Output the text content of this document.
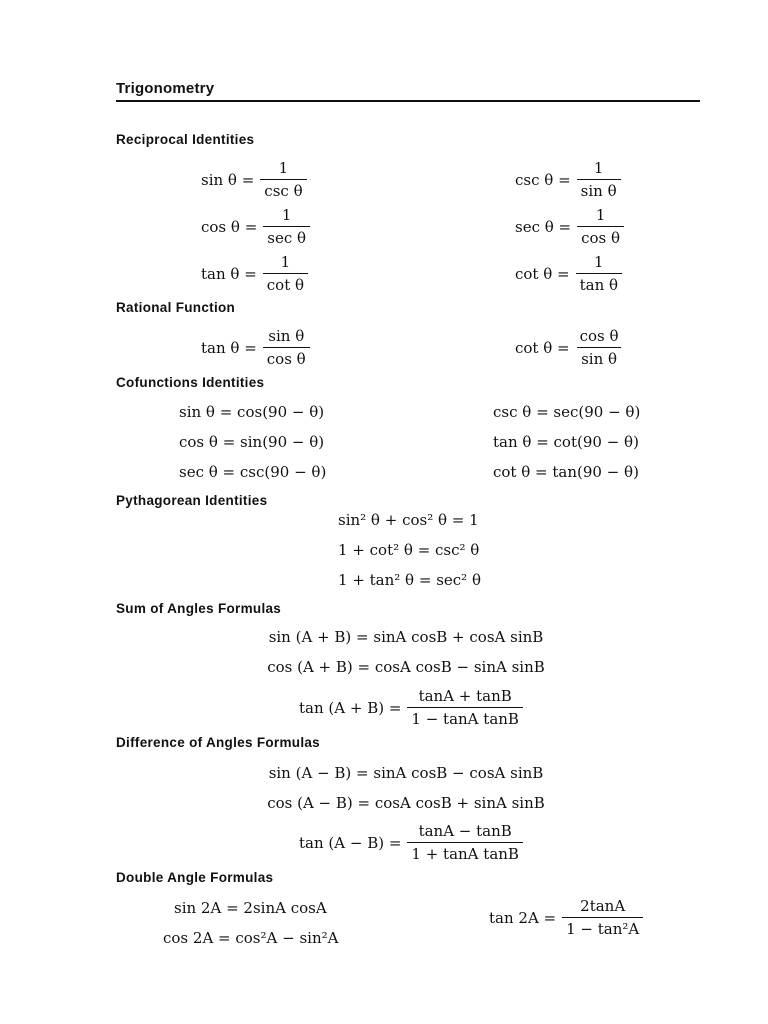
Trigonometry
Reciprocal Identities
$\sin \theta = \frac{1}{\text{csc θ}}$
$\cos \theta = \frac{1}{\text{sec θ}}$
$\tan \theta = \frac{1}{\text{cot θ}}$
$\csc \theta = \frac{1}{\text{sin θ}}$
$\sec \theta = \frac{1}{\text{cos θ}}$
$\cot \theta = \frac{1}{\text{tan θ}}$
Rational Function
$\tan \theta = \frac{\text{sin θ}}{\text{cos θ}}$	$\cot \theta = \frac{\text{cos θ}}{\text{sin θ}}$
Cofunctions Identities
sin θ = cos(90 − θ)
cos θ = sin(90 − θ)
sec θ = csc(90 − θ)
csc θ = sec(90 − θ)
tan θ = cot(90 − θ)
cot θ = tan(90 − θ)
Pythagorean Identities
sin² θ + cos² θ = 1
1 + cot² θ = csc² θ
1 + tan² θ = sec² θ
Sum of Angles Formulas
sin (A + B) = sinA cosB + cosA sinB
cos (A + B) = cosA cosB − sinA sinB
$\tan (A + B) = \frac{\tan A + \tan B}{\text{1 − tanA tanB}}$
Difference of Angles Formulas
sin (A − B) = sinA cosB − cosA sinB
cos (A − B) = cosA cosB + sinA sinB
$\tan (A - B) = \frac{\tan A - \tan B}{\text{1 + tanA tanB}}$
Double Angle Formulas
sin 2A = 2sinA cosA
cos 2A = cos²A − sin²A
$\tan 2A = \frac{2\tan A}{\text{1 − tan²A}}$
